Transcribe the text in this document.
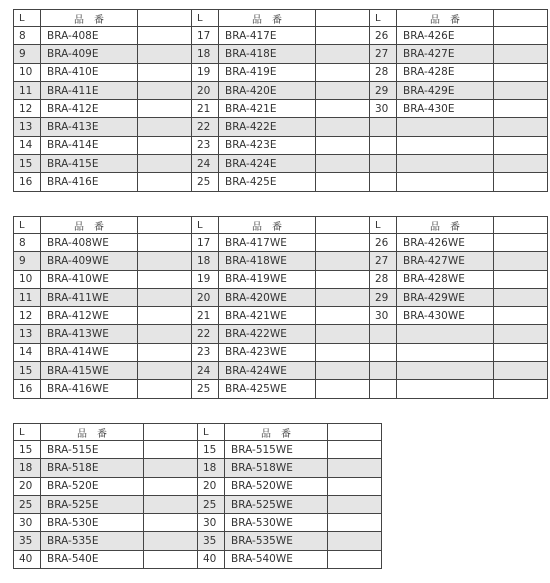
L	品　番	
8	BRA-408E	
9	BRA-409E	
10	BRA-410E	
11	BRA-411E	
12	BRA-412E	
13	BRA-413E	
14	BRA-414E	
15	BRA-415E	
16	BRA-416E	
L	品　番	
17	BRA-417E	
18	BRA-418E	
19	BRA-419E	
20	BRA-420E	
21	BRA-421E	
22	BRA-422E	
23	BRA-423E	
24	BRA-424E	
25	BRA-425E	
L	品　番	
26	BRA-426E	
27	BRA-427E	
28	BRA-428E	
29	BRA-429E	
30	BRA-430E	

L	品　番	
8	BRA-408WE	
9	BRA-409WE	
10	BRA-410WE	
11	BRA-411WE	
12	BRA-412WE	
13	BRA-413WE	
14	BRA-414WE	
15	BRA-415WE	
16	BRA-416WE	
L	品　番	
17	BRA-417WE	
18	BRA-418WE	
19	BRA-419WE	
20	BRA-420WE	
21	BRA-421WE	
22	BRA-422WE	
23	BRA-423WE	
24	BRA-424WE	
25	BRA-425WE	
L	品　番	
26	BRA-426WE	
27	BRA-427WE	
28	BRA-428WE	
29	BRA-429WE	
30	BRA-430WE	

L	品　番	
15	BRA-515E	
18	BRA-518E	
20	BRA-520E	
25	BRA-525E	
30	BRA-530E	
35	BRA-535E	
40	BRA-540E	
L	品　番	
15	BRA-515WE	
18	BRA-518WE	
20	BRA-520WE	
25	BRA-525WE	
30	BRA-530WE	
35	BRA-535WE	
40	BRA-540WE	
